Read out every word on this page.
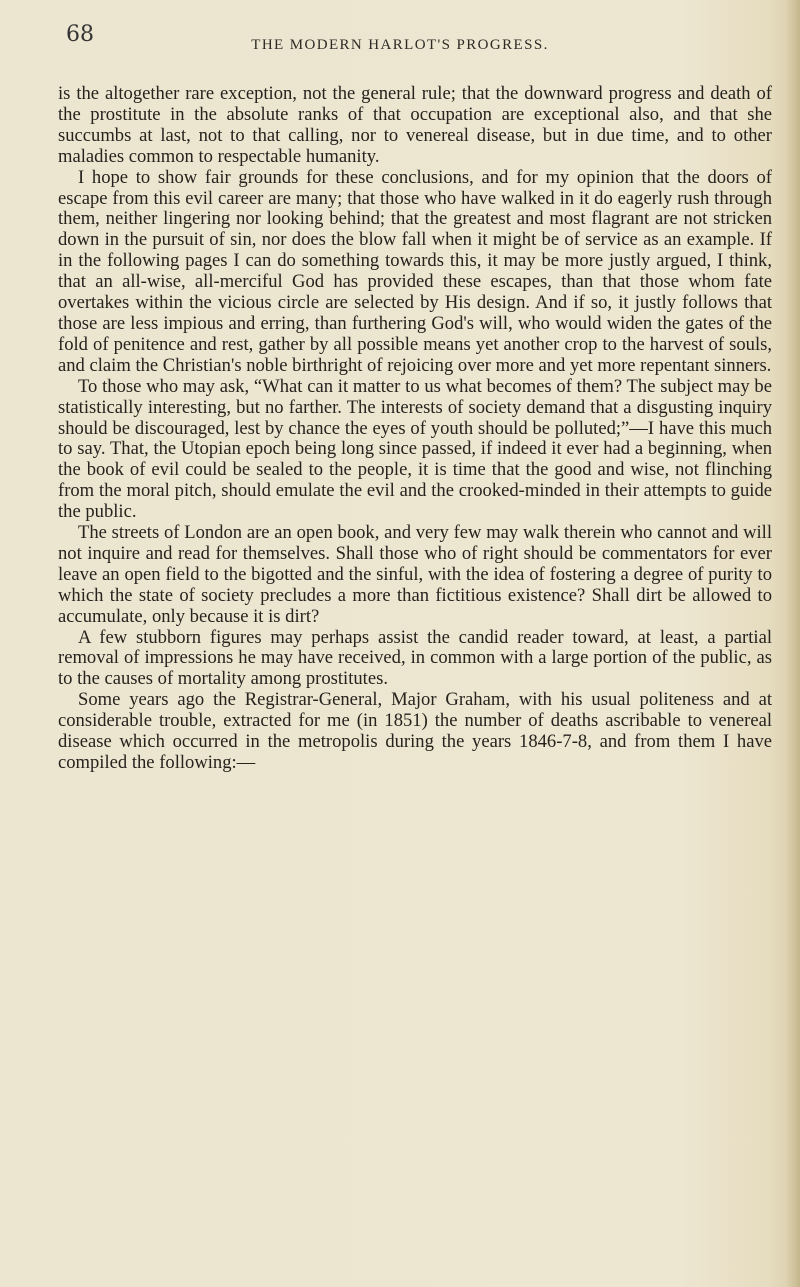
68	THE MODERN HARLOT'S PROGRESS.

is the altogether rare exception, not the general rule; that the downward progress and death of the prostitute in the absolute ranks of that occupation are exceptional also, and that she succumbs at last, not to that calling, nor to venereal disease, but in due time, and to other maladies common to respectable humanity.

I hope to show fair grounds for these conclusions, and for my opinion that the doors of escape from this evil career are many; that those who have walked in it do eagerly rush through them, neither lingering nor looking behind; that the greatest and most flagrant are not stricken down in the pursuit of sin, nor does the blow fall when it might be of service as an example. If in the following pages I can do something towards this, it may be more justly argued, I think, that an all-wise, all-merciful God has provided these escapes, than that those whom fate overtakes within the vicious circle are selected by His design. And if so, it justly follows that those are less impious and erring, than furthering God's will, who would widen the gates of the fold of penitence and rest, gather by all possible means yet another crop to the harvest of souls, and claim the Christian's noble birthright of rejoicing over more and yet more repentant sinners.

To those who may ask, “What can it matter to us what becomes of them? The subject may be statistically interesting, but no farther. The interests of society demand that a disgusting inquiry should be discouraged, lest by chance the eyes of youth should be polluted;”—I have this much to say. That, the Utopian epoch being long since passed, if indeed it ever had a beginning, when the book of evil could be sealed to the people, it is time that the good and wise, not flinching from the moral pitch, should emulate the evil and the crooked-minded in their attempts to guide the public.

The streets of London are an open book, and very few may walk therein who cannot and will not inquire and read for themselves. Shall those who of right should be commentators for ever leave an open field to the bigotted and the sinful, with the idea of fostering a degree of purity to which the state of society precludes a more than fictitious existence? Shall dirt be allowed to accumulate, only because it is dirt?

A few stubborn figures may perhaps assist the candid reader toward, at least, a partial removal of impressions he may have received, in common with a large portion of the public, as to the causes of mortality among prostitutes.

Some years ago the Registrar-General, Major Graham, with his usual politeness and at considerable trouble, extracted for me (in 1851) the number of deaths ascribable to venereal disease which occurred in the metropolis during the years 1846-7-8, and from them I have compiled the following:—
